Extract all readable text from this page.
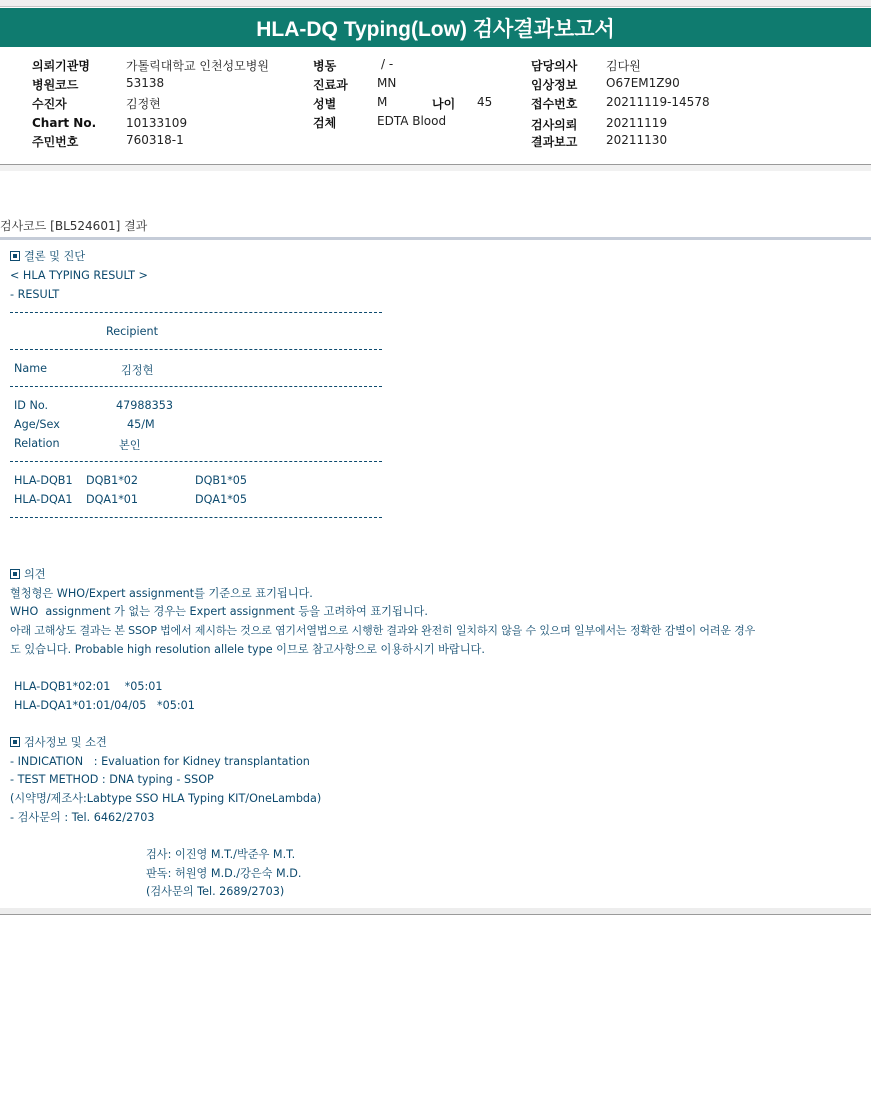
HLA-DQ Typing(Low) 검사결과보고서
의뢰기관명	가톨릭대학교 인천성모병원
병원코드	53138
수진자	김정현
Chart No. 10133109
주민번호	760318-1
병동	/ -
진료과 MN
성별	M	나이 45
검체	EDTA Blood
담당의사 김다원
임상정보 O67EM1Z90
접수번호 20211119-14578
검사의뢰 20211119
결과보고 20211130
검사코드 [BL524601] 결과
결론 및 진단
< HLA TYPING RESULT >
- RESULT
Recipient
Name	김정현
ID No.	47988353
Age/Sex	45/M
Relation	본인
HLA-DQB1 DQB1*02	DQB1*05
HLA-DQA1 DQA1*01	DQA1*05
의견
혈청형은 WHO/Expert assignment를 기준으로 표기됩니다.
WHO  assignment 가 없는 경우는 Expert assignment 등을 고려하여 표기됩니다.
아래 고해상도 결과는 본 SSOP 법에서 제시하는 것으로 염기서열법으로 시행한 결과와 완전히 일치하지 않을 수 있으며 일부에서는 정확한 감별이 어려운 경우
도 있습니다. Probable high resolution allele type 이므로 참고사항으로 이용하시기 바랍니다.
HLA-DQB1*02:01    *05:01
HLA-DQA1*01:01/04/05   *05:01
검사정보 및 소견
- INDICATION   : Evaluation for Kidney transplantation
- TEST METHOD : DNA typing - SSOP
(시약명/제조사:Labtype SSO HLA Typing KIT/OneLambda)
- 검사문의 : Tel. 6462/2703
검사: 이진영 M.T./박준우 M.T.
판독: 허원영 M.D./강은숙 M.D.
(검사문의 Tel. 2689/2703)
